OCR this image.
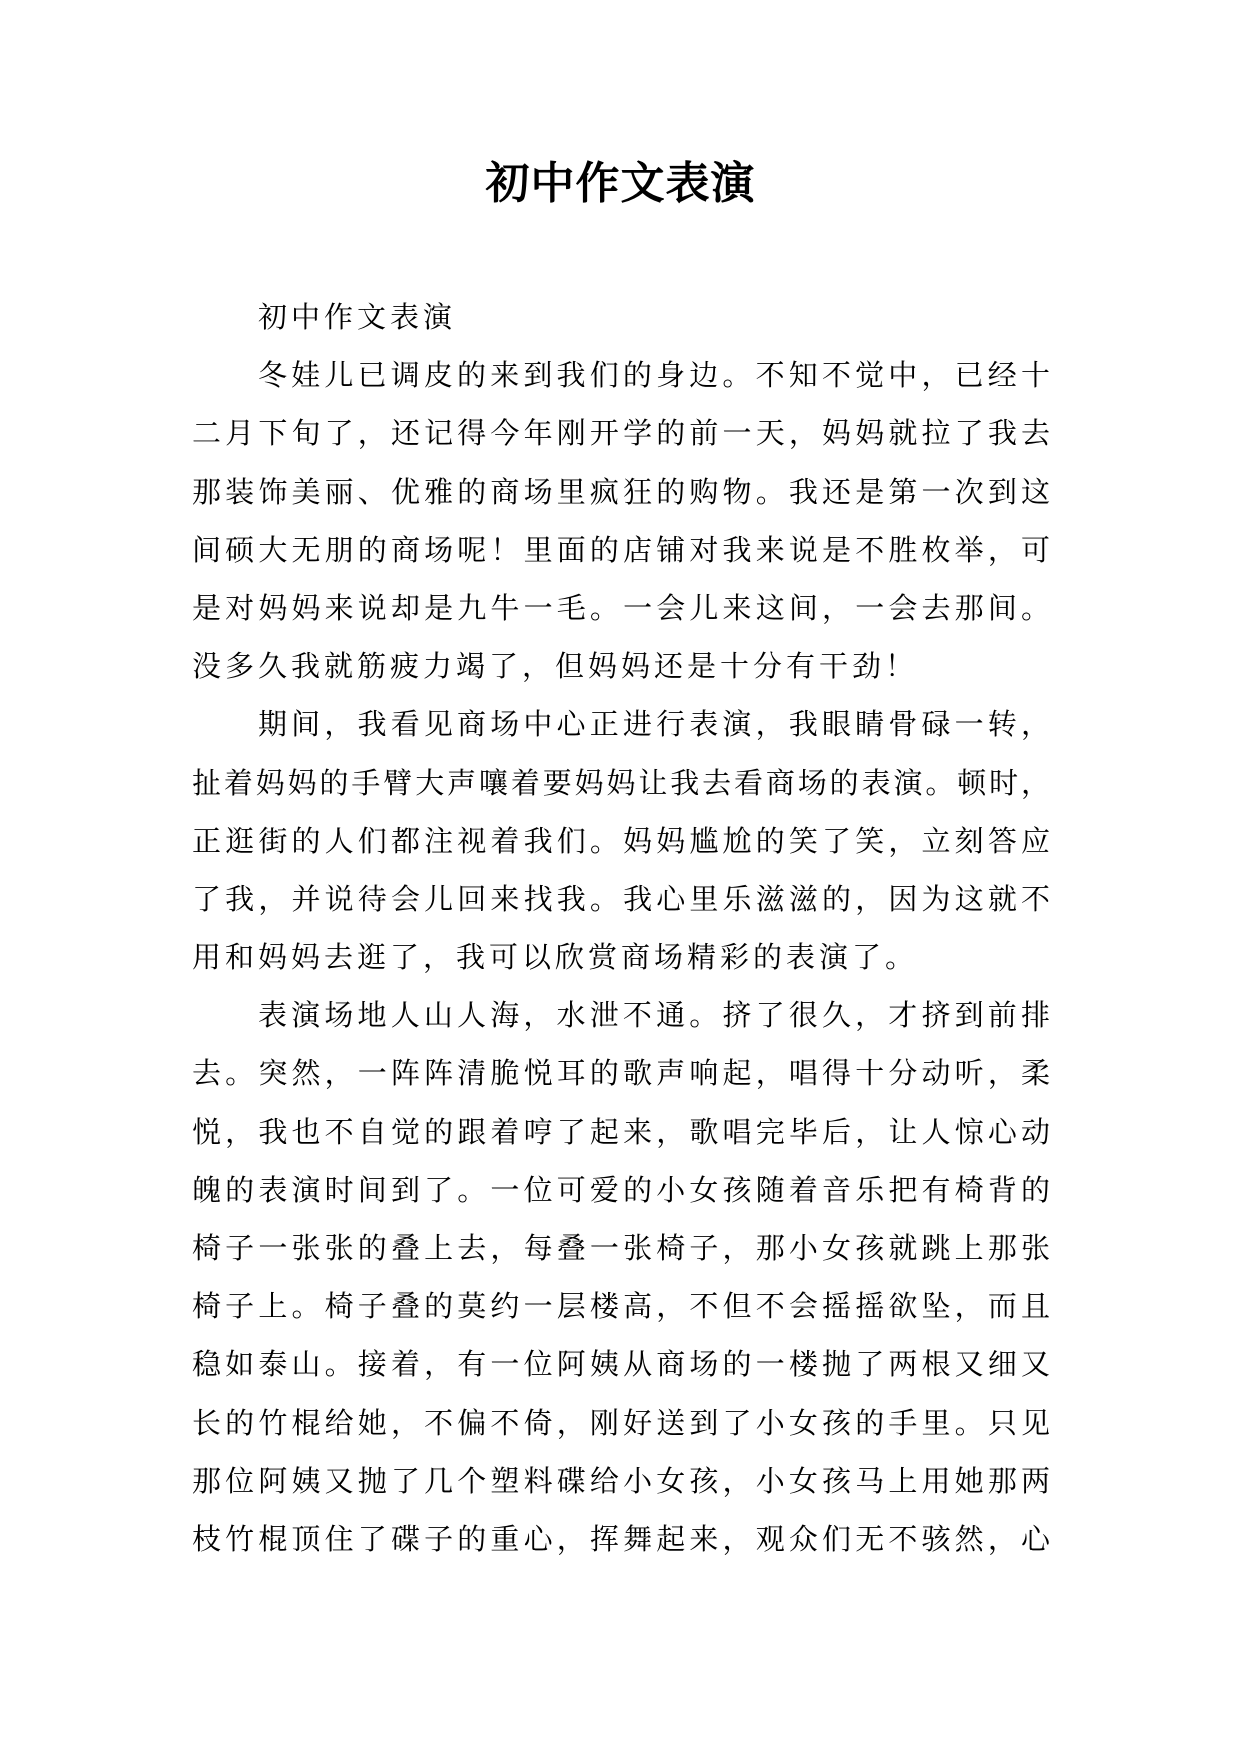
初中作文表演
初中作文表演
冬娃儿已调皮的来到我们的身边。不知不觉中，已经十
二月下旬了，还记得今年刚开学的前一天，妈妈就拉了我去
那装饰美丽、优雅的商场里疯狂的购物。我还是第一次到这
间硕大无朋的商场呢！里面的店铺对我来说是不胜枚举，可
是对妈妈来说却是九牛一毛。一会儿来这间，一会去那间。
没多久我就筋疲力竭了，但妈妈还是十分有干劲！
期间，我看见商场中心正进行表演，我眼睛骨碌一转，
扯着妈妈的手臂大声嚷着要妈妈让我去看商场的表演。顿时，
正逛街的人们都注视着我们。妈妈尴尬的笑了笑，立刻答应
了我，并说待会儿回来找我。我心里乐滋滋的，因为这就不
用和妈妈去逛了，我可以欣赏商场精彩的表演了。
表演场地人山人海，水泄不通。挤了很久，才挤到前排
去。突然，一阵阵清脆悦耳的歌声响起，唱得十分动听，柔
悦，我也不自觉的跟着哼了起来，歌唱完毕后，让人惊心动
魄的表演时间到了。一位可爱的小女孩随着音乐把有椅背的
椅子一张张的叠上去，每叠一张椅子，那小女孩就跳上那张
椅子上。椅子叠的莫约一层楼高，不但不会摇摇欲坠，而且
稳如泰山。接着，有一位阿姨从商场的一楼抛了两根又细又
长的竹棍给她，不偏不倚，刚好送到了小女孩的手里。只见
那位阿姨又抛了几个塑料碟给小女孩，小女孩马上用她那两
枝竹棍顶住了碟子的重心，挥舞起来，观众们无不骇然，心
